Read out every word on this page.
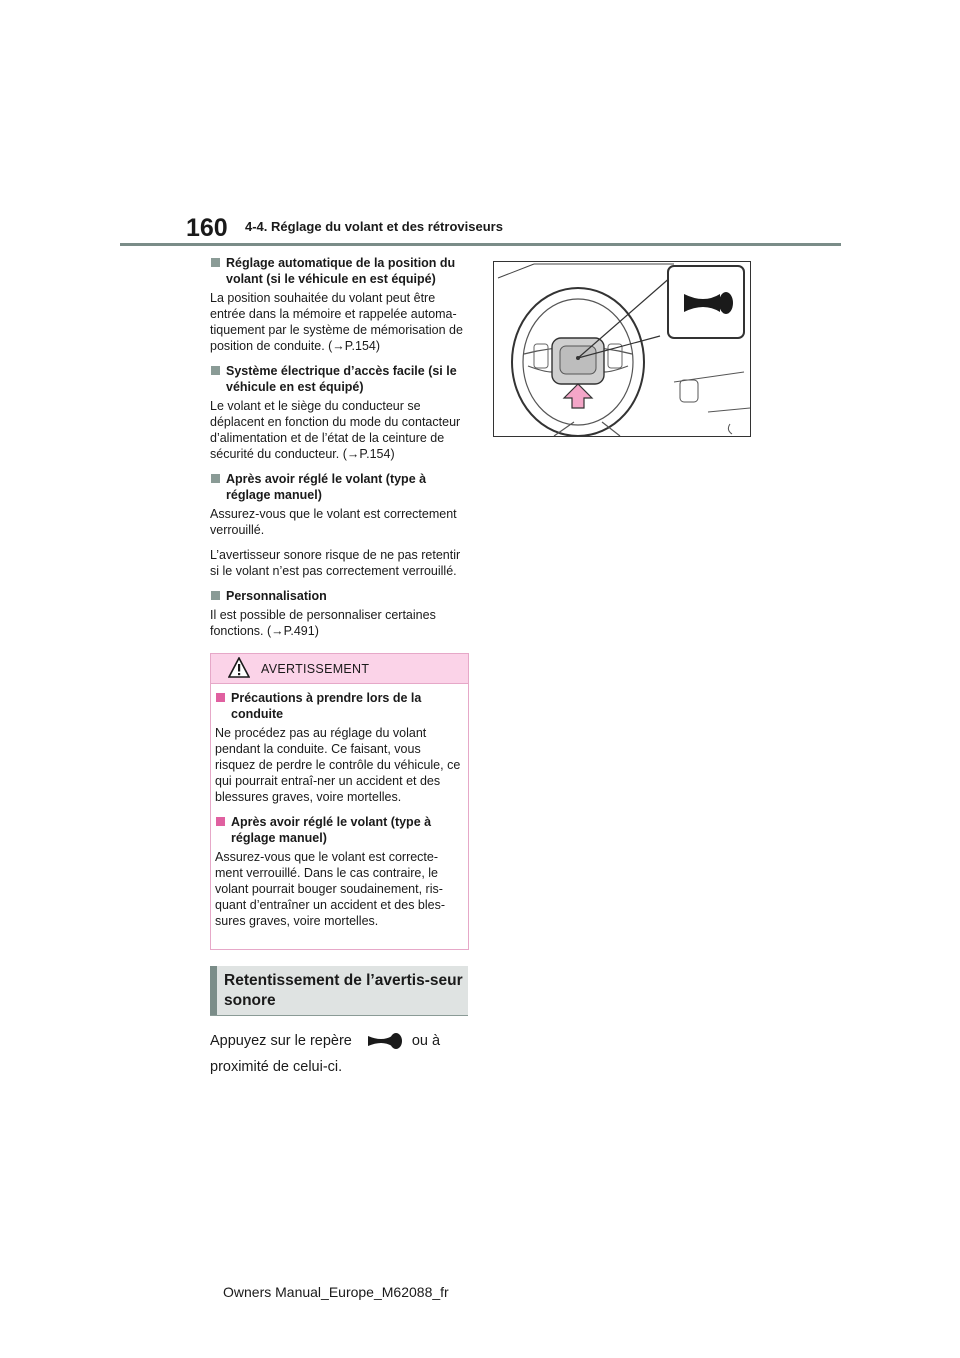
160 4-4. Réglage du volant et des rétroviseurs
Réglage automatique de la position du volant (si le véhicule en est équipé)

La position souhaitée du volant peut être entrée dans la mémoire et rappelée automa-tiquement par le système de mémorisation de position de conduite. (→P.154)

Système électrique d’accès facile (si le véhicule en est équipé)

Le volant et le siège du conducteur se déplacent en fonction du mode du contacteur d’alimentation et de l’état de la ceinture de sécurité du conducteur. (→P.154)

Après avoir réglé le volant (type à réglage manuel)

Assurez-vous que le volant est correctement verrouillé.

L’avertisseur sonore risque de ne pas retentir si le volant n’est pas correctement verrouillé.

Personnalisation

Il est possible de personnaliser certaines fonctions. (→P.491)

AVERTISSEMENT
Précautions à prendre lors de la conduite

Ne procédez pas au réglage du volant pendant la conduite. Ce faisant, vous risquez de perdre le contrôle du véhicule, ce qui pourrait entraî-ner un accident et des blessures graves, voire mortelles.

Après avoir réglé le volant (type à réglage manuel)

Assurez-vous que le volant est correcte-ment verrouillé. Dans le cas contraire, le volant pourrait bouger soudainement, ris-quant d’entraîner un accident et des bles-sures graves, voire mortelles.

Retentissement de l’avertis-seur sonore
Appuyez sur le repère	ou à
proximité de celui-ci.
Owners Manual_Europe_M62088_fr
